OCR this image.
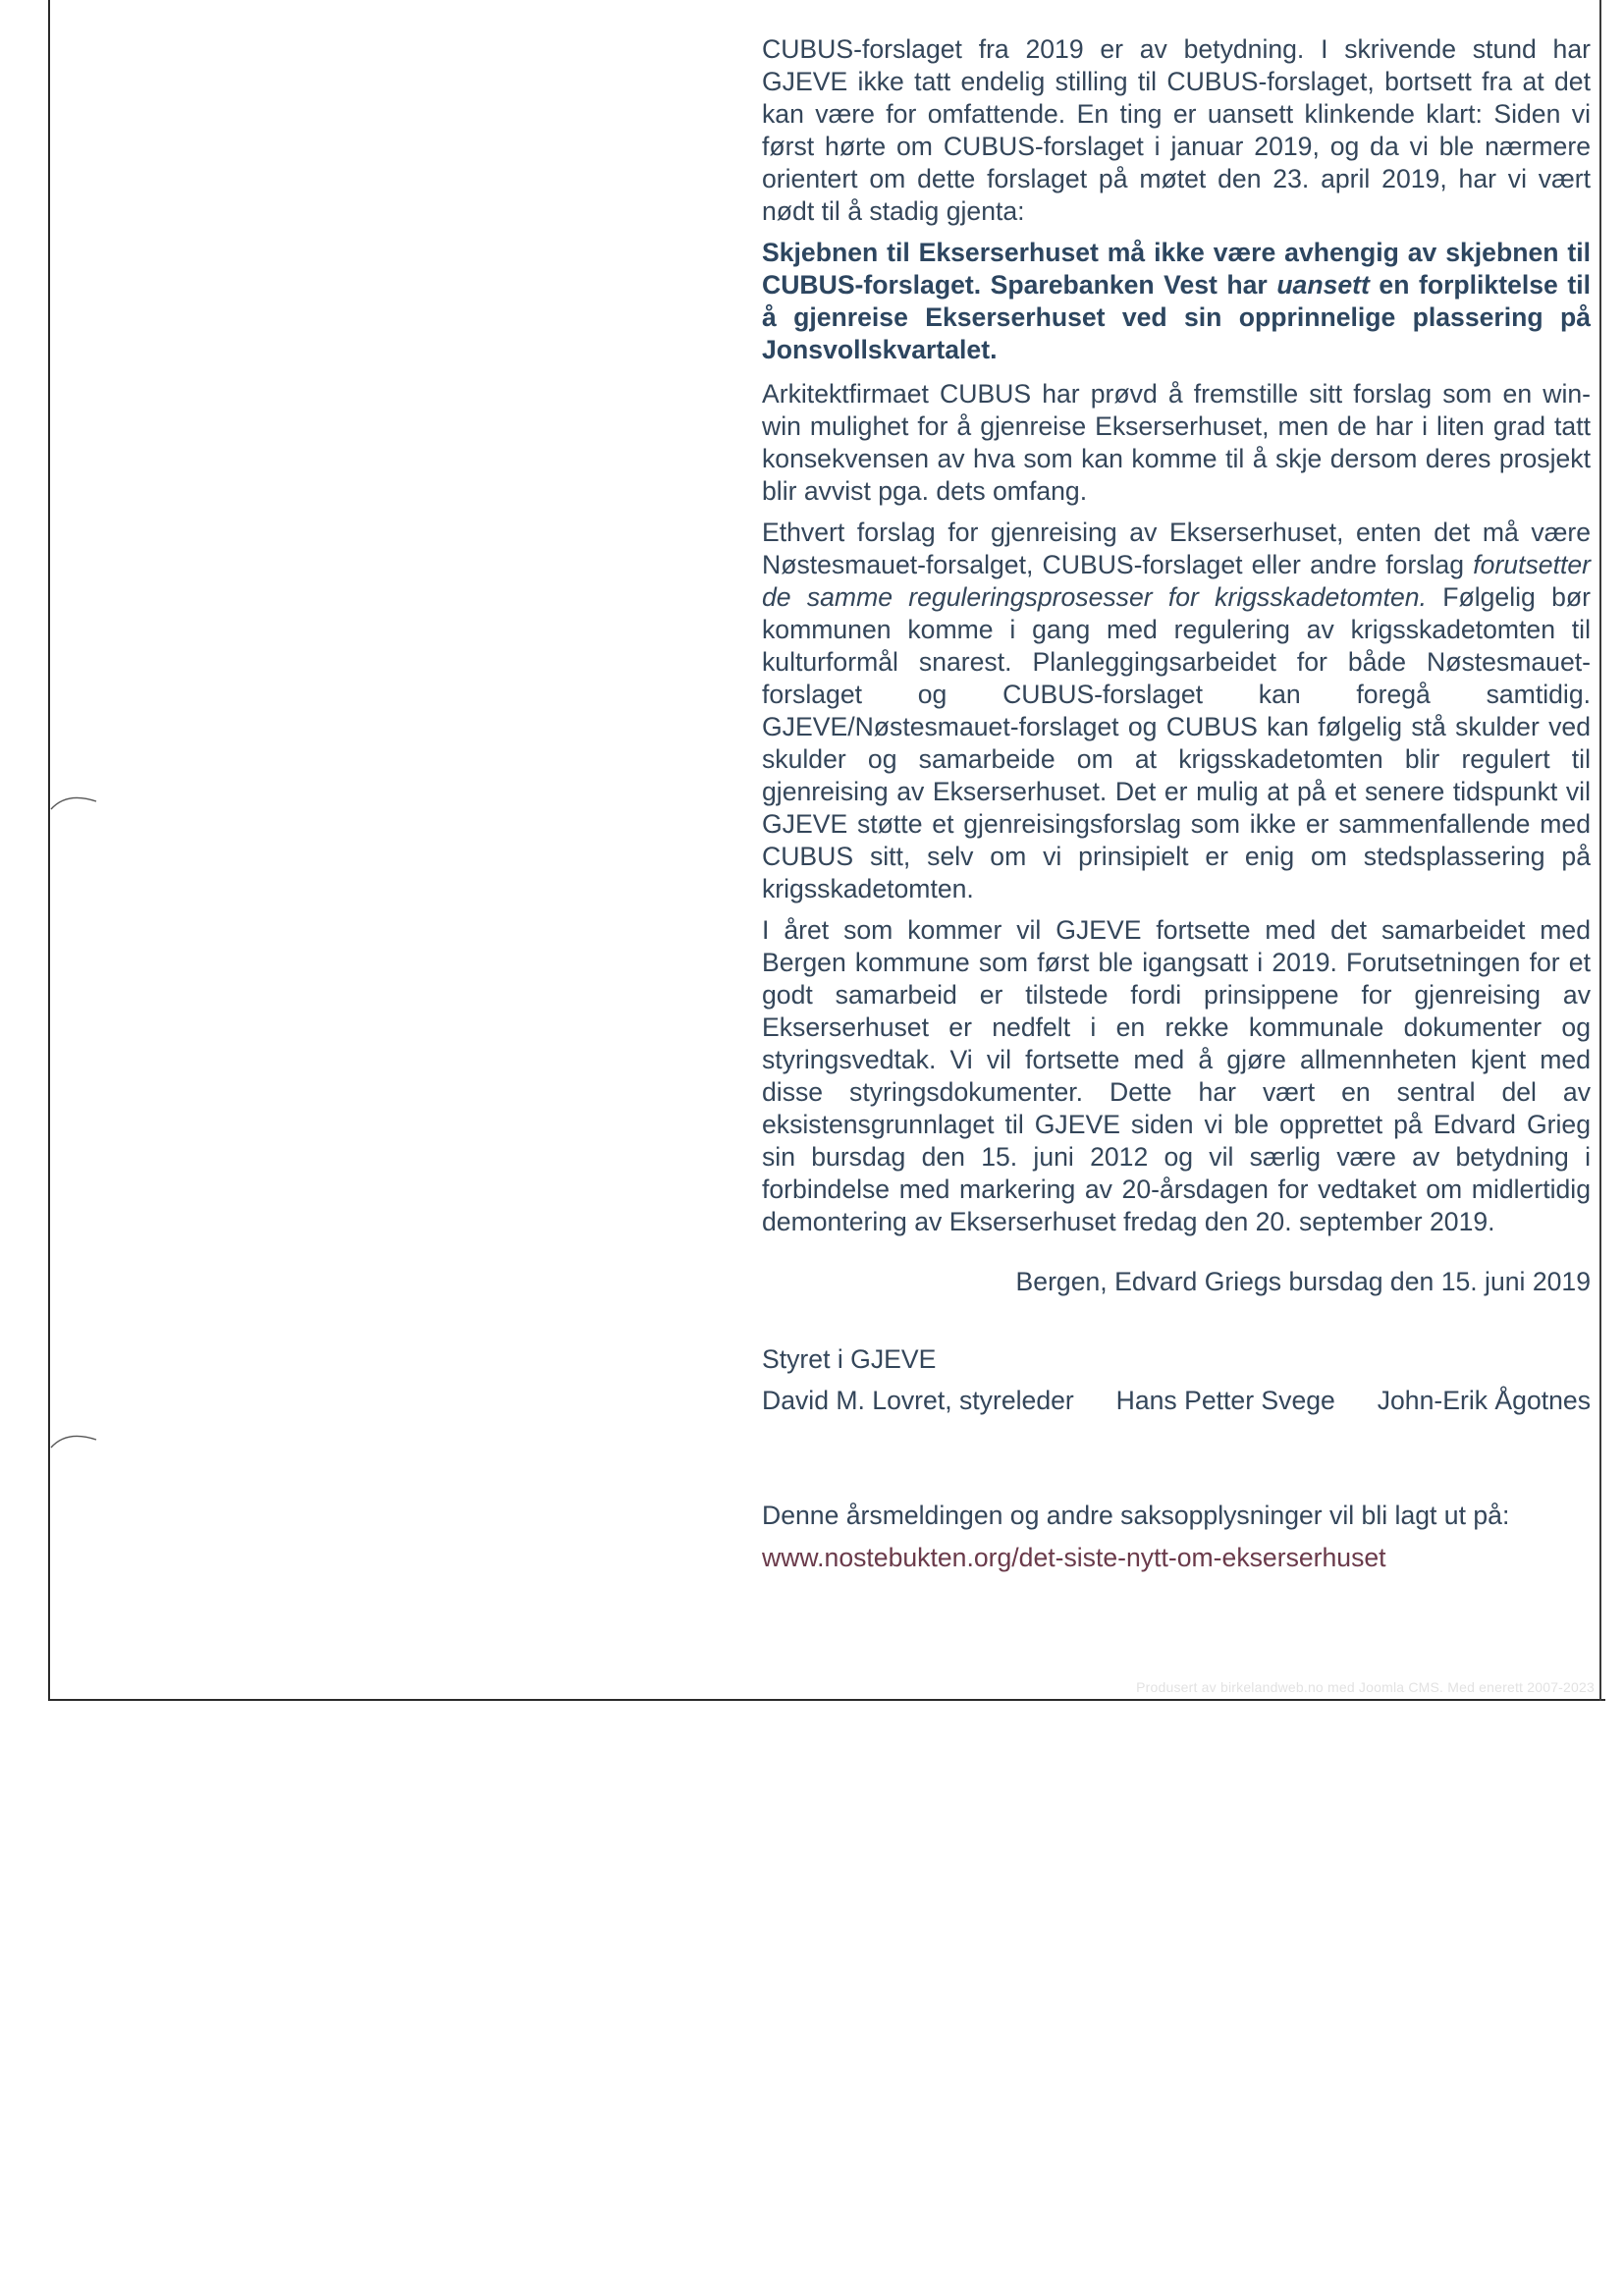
CUBUS-forslaget fra 2019 er av betydning. I skrivende stund har GJEVE ikke tatt endelig stilling til CUBUS-forslaget, bortsett fra at det kan være for omfattende. En ting er uansett klinkende klart: Siden vi først hørte om CUBUS-forslaget i januar 2019, og da vi ble nærmere orientert om dette forslaget på møtet den 23. april 2019, har vi vært nødt til å stadig gjenta:

Skjebnen til Ekserserhuset må ikke være avhengig av skjebnen til CUBUS-forslaget. Sparebanken Vest har uansett en forpliktelse til å gjenreise Ekserserhuset ved sin opprinnelige plassering på Jonsvollskvartalet.

Arkitektfirmaet CUBUS har prøvd å fremstille sitt forslag som en win-win mulighet for å gjenreise Ekserserhuset, men de har i liten grad tatt konsekvensen av hva som kan komme til å skje dersom deres prosjekt blir avvist pga. dets omfang.

Ethvert forslag for gjenreising av Ekserserhuset, enten det må være Nøstesmauet-forsalget, CUBUS-forslaget eller andre forslag forutsetter de samme reguleringsprosesser for krigsskadetomten. Følgelig bør kommunen komme i gang med regulering av krigsskadetomten til kulturformål snarest. Planleggingsarbeidet for både Nøstesmauet-forslaget og CUBUS-forslaget kan foregå samtidig. GJEVE/Nøstesmauet-forslaget og CUBUS kan følgelig stå skulder ved skulder og samarbeide om at krigsskadetomten blir regulert til gjenreising av Ekserserhuset. Det er mulig at på et senere tidspunkt vil GJEVE støtte et gjenreisingsforslag som ikke er sammenfallende med CUBUS sitt, selv om vi prinsipielt er enig om stedsplassering på krigsskadetomten.

I året som kommer vil GJEVE fortsette med det samarbeidet med Bergen kommune som først ble igangsatt i 2019. Forutsetningen for et godt samarbeid er tilstede fordi prinsippene for gjenreising av Ekserserhuset er nedfelt i en rekke kommunale dokumenter og styringsvedtak. Vi vil fortsette med å gjøre allmennheten kjent med disse styringsdokumenter. Dette har vært en sentral del av eksistensgrunnlaget til GJEVE siden vi ble opprettet på Edvard Grieg sin bursdag den 15. juni 2012 og vil særlig være av betydning i forbindelse med markering av 20-årsdagen for vedtaket om midlertidig demontering av Ekserserhuset fredag den 20. september 2019.

Bergen, Edvard Griegs bursdag den 15. juni 2019

Styret i GJEVE

David M. Lovret, styreleder Hans Petter Svege John-Erik Ågotnes

Denne årsmeldingen og andre saksopplysninger vil bli lagt ut på:

www.nostebukten.org/det-siste-nytt-om-ekserserhuset

Produsert av birkelandweb.no med Joomla CMS. Med enerett 2007-2023
